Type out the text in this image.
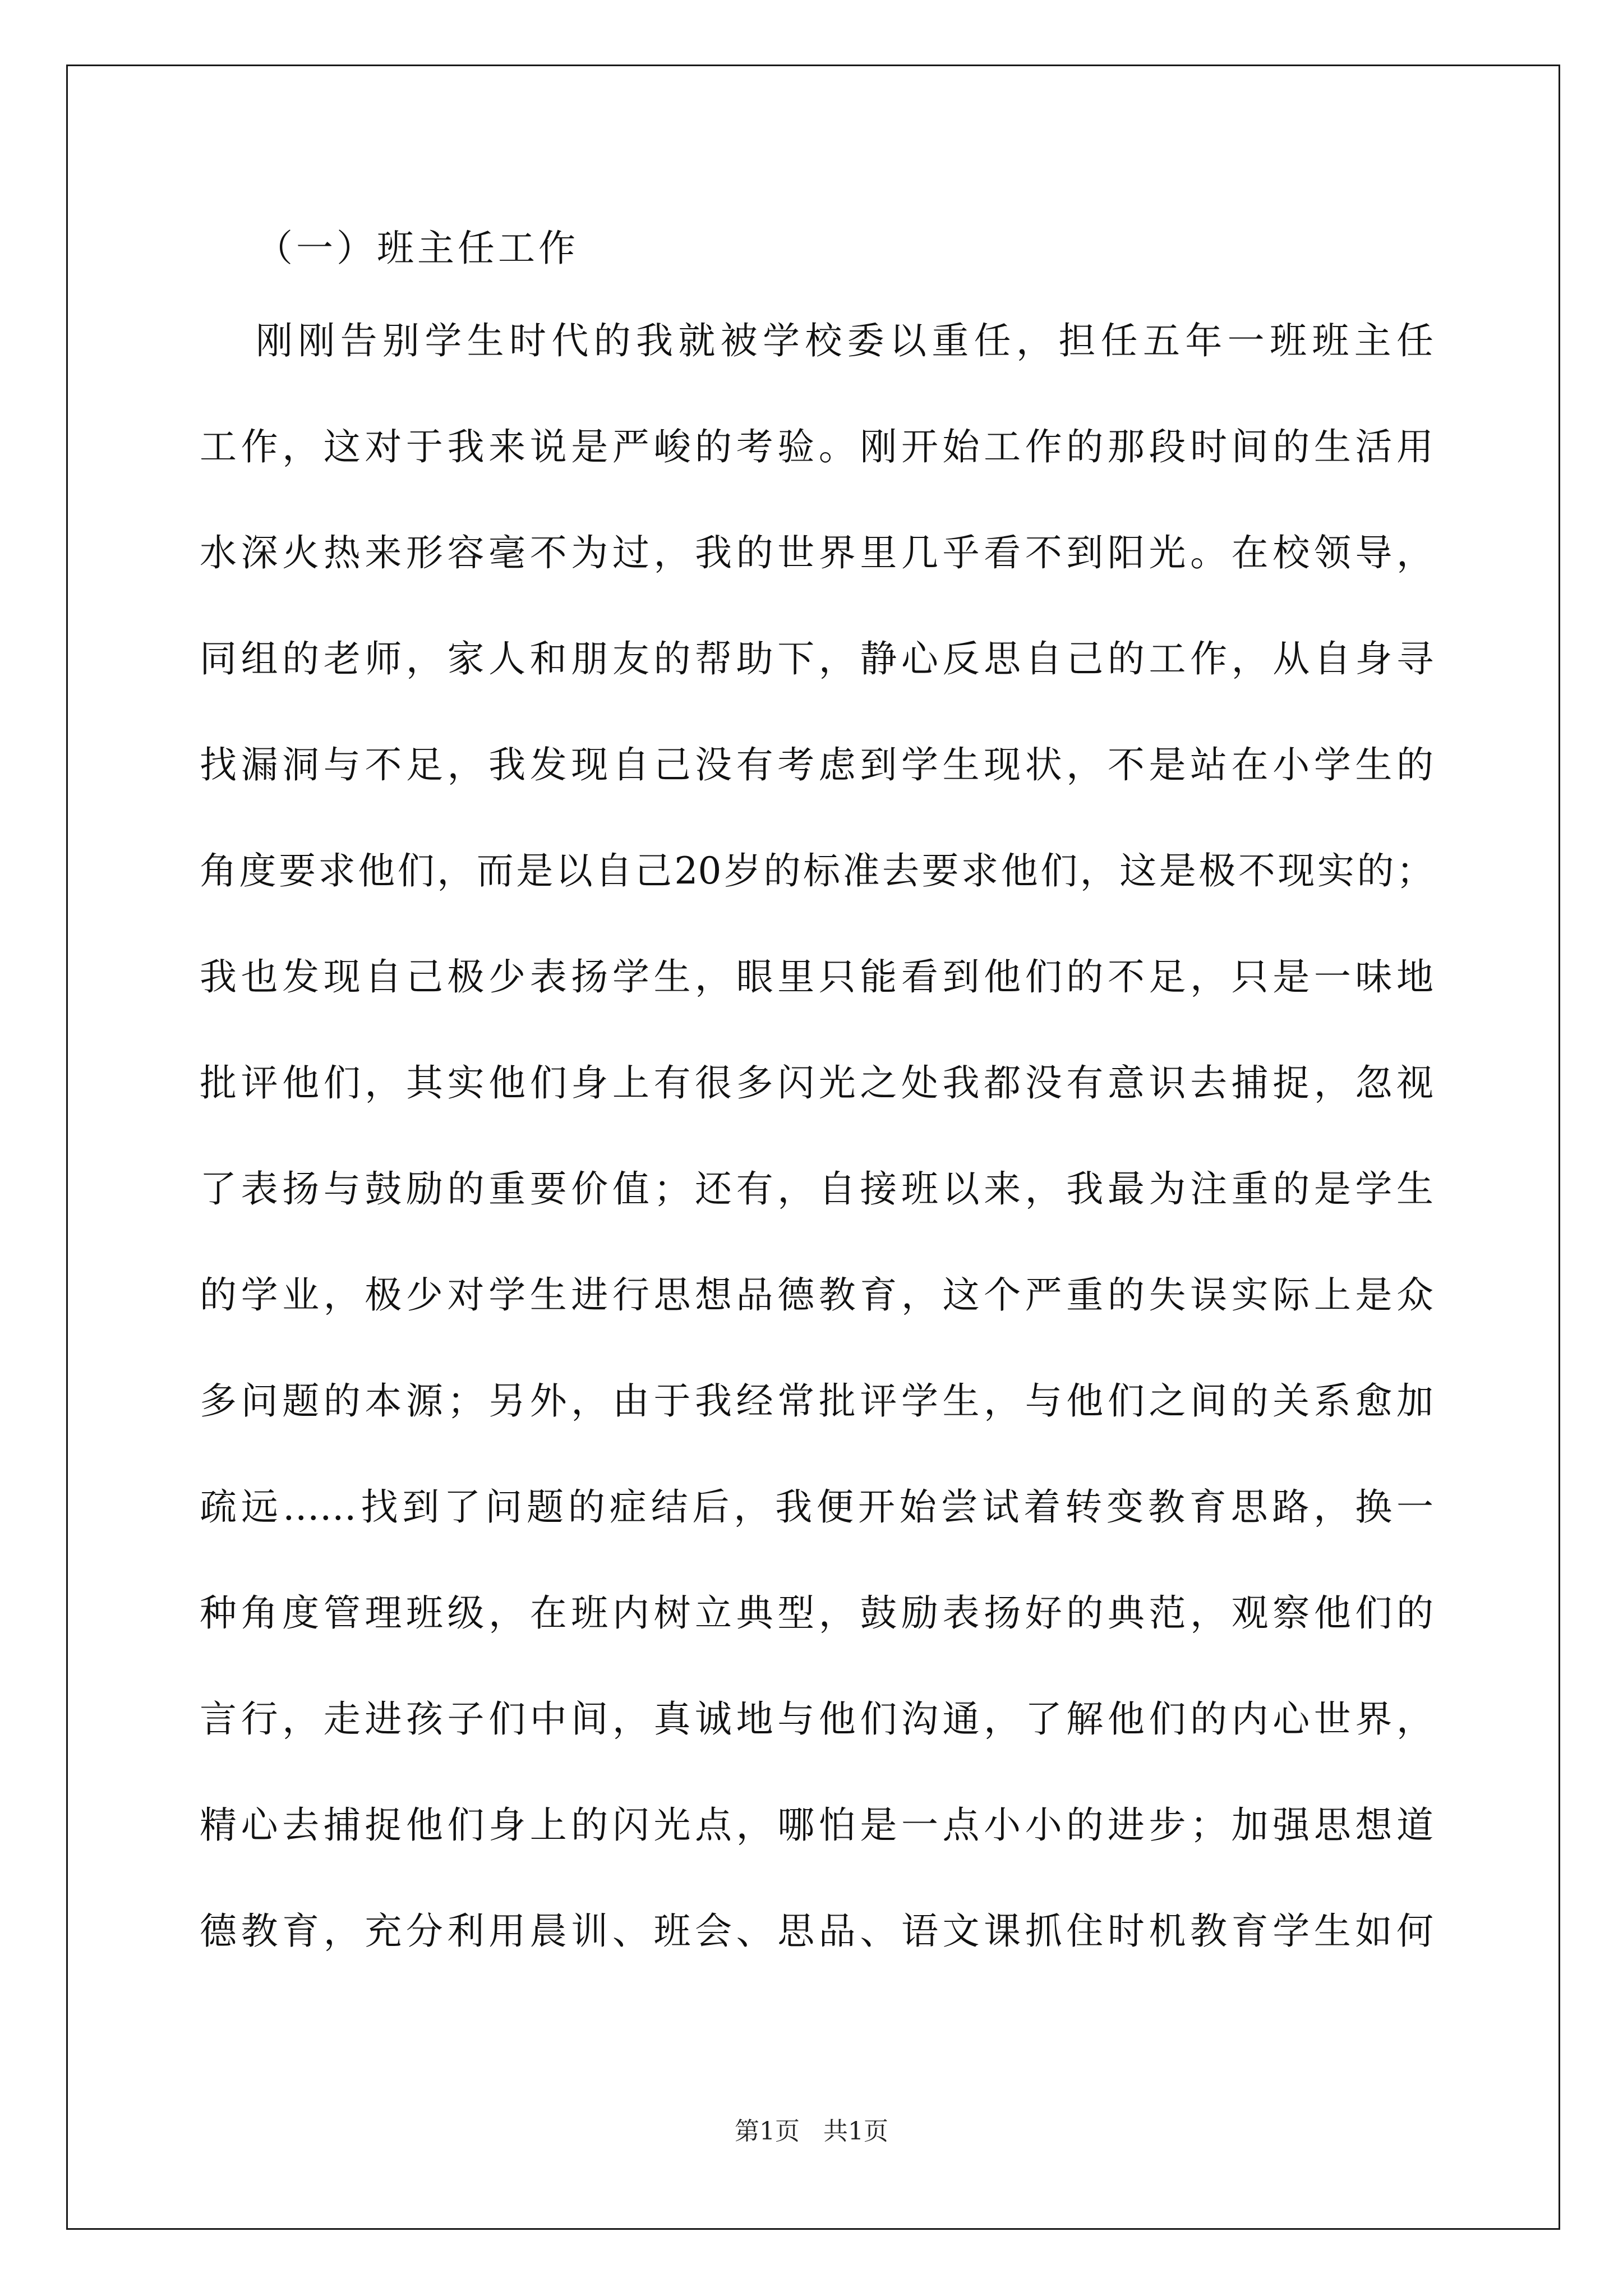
（一）班主任工作
刚刚告别学生时代的我就被学校委以重任，担任五年一班班主任
工作，这对于我来说是严峻的考验。刚开始工作的那段时间的生活用
水深火热来形容毫不为过，我的世界里几乎看不到阳光。在校领导，
同组的老师，家人和朋友的帮助下，静心反思自己的工作，从自身寻
找漏洞与不足，我发现自己没有考虑到学生现状，不是站在小学生的
角度要求他们，而是以自己20岁的标准去要求他们，这是极不现实的；
我也发现自己极少表扬学生，眼里只能看到他们的不足，只是一味地
批评他们，其实他们身上有很多闪光之处我都没有意识去捕捉，忽视
了表扬与鼓励的重要价值；还有，自接班以来，我最为注重的是学生
的学业，极少对学生进行思想品德教育，这个严重的失误实际上是众
多问题的本源；另外，由于我经常批评学生，与他们之间的关系愈加
疏远……找到了问题的症结后，我便开始尝试着转变教育思路，换一
种角度管理班级，在班内树立典型，鼓励表扬好的典范，观察他们的
言行，走进孩子们中间，真诚地与他们沟通，了解他们的内心世界，
精心去捕捉他们身上的闪光点，哪怕是一点小小的进步；加强思想道
德教育，充分利用晨训、班会、思品、语文课抓住时机教育学生如何
第1页   共1页
